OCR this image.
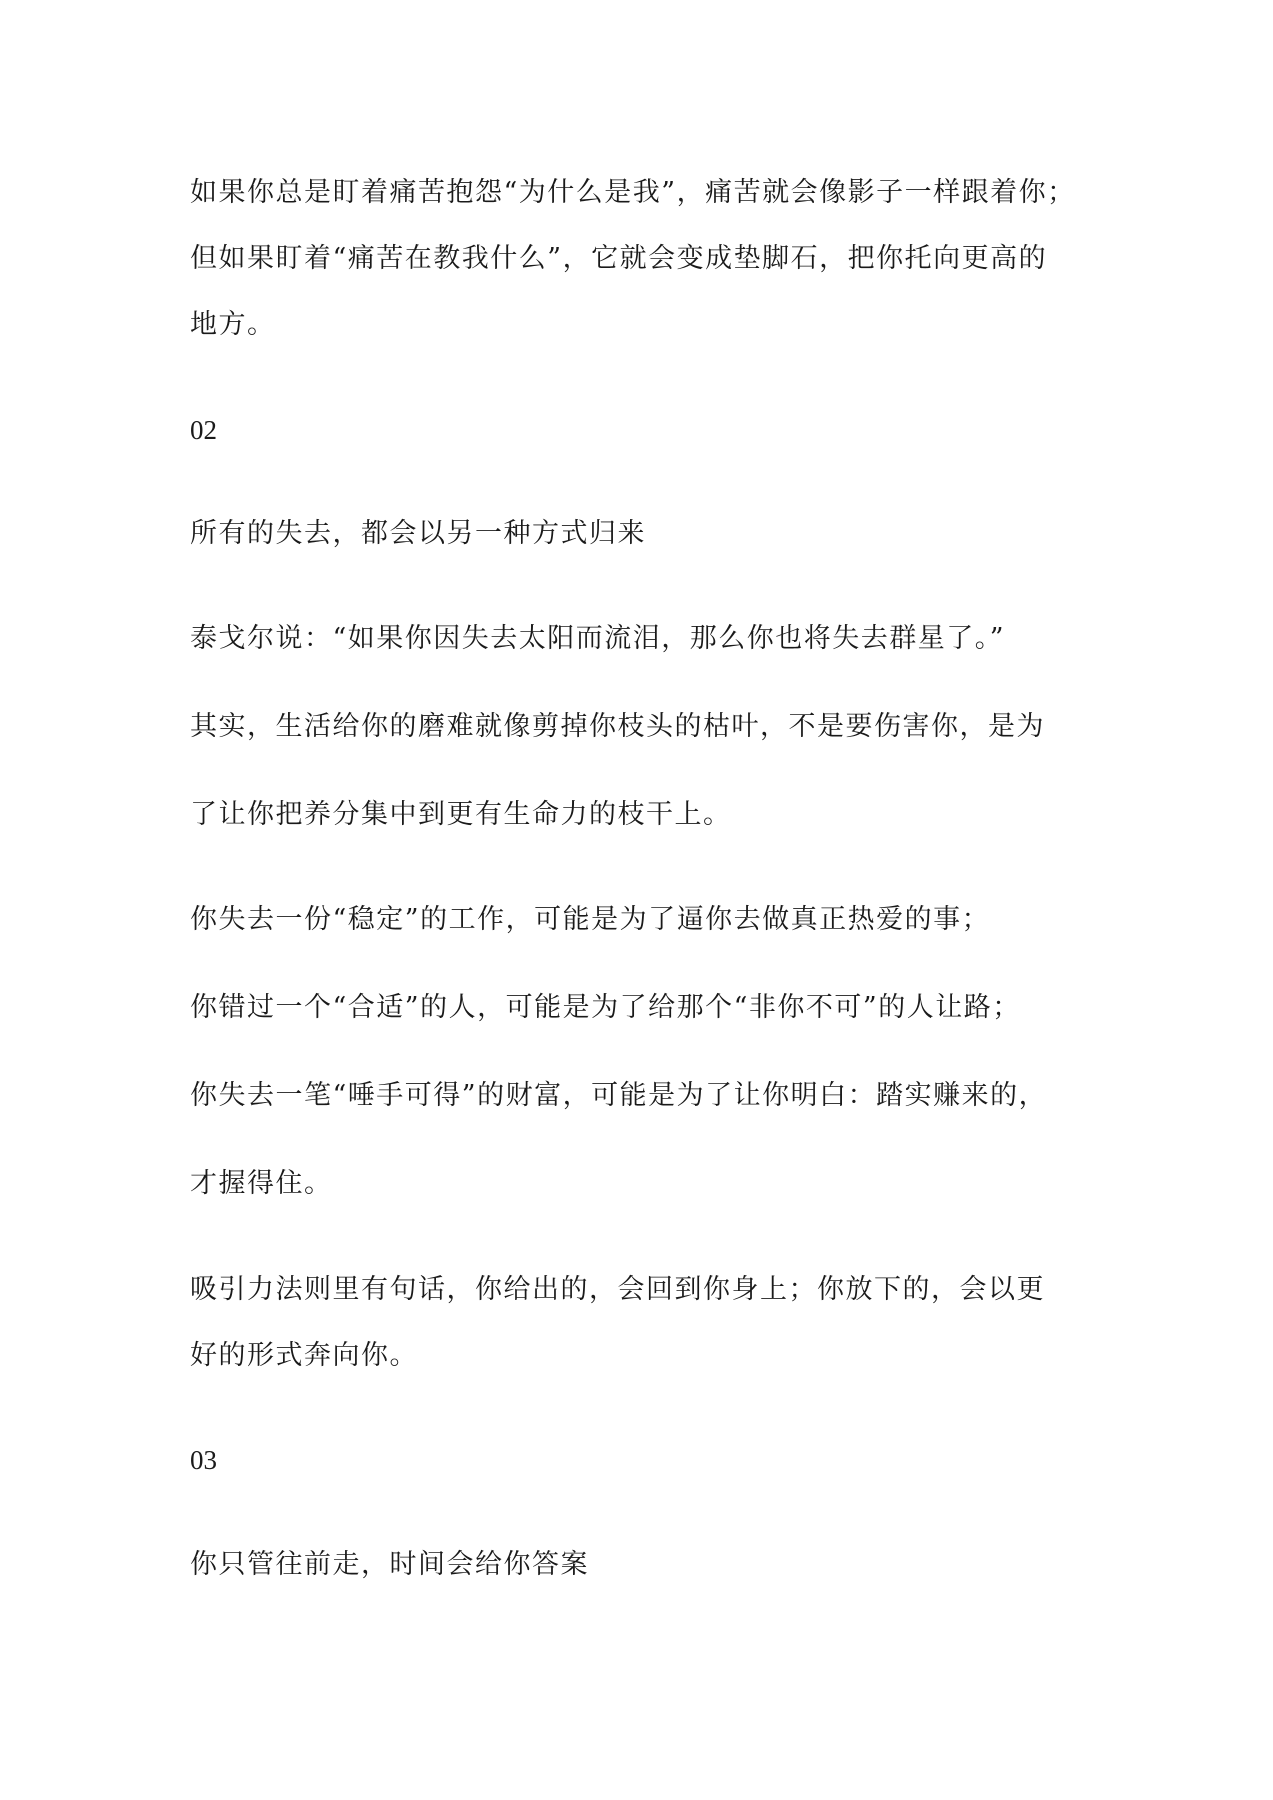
如果你总是盯着痛苦抱怨“为什么是我”，痛苦就会像影子一样跟着你；
但如果盯着“痛苦在教我什么”，它就会变成垫脚石，把你托向更高的
地方。
02
所有的失去，都会以另一种方式归来
泰戈尔说：“如果你因失去太阳而流泪，那么你也将失去群星了。”
其实，生活给你的磨难就像剪掉你枝头的枯叶，不是要伤害你，是为
了让你把养分集中到更有生命力的枝干上。
你失去一份“稳定”的工作，可能是为了逼你去做真正热爱的事；
你错过一个“合适”的人，可能是为了给那个“非你不可”的人让路；
你失去一笔“唾手可得”的财富，可能是为了让你明白：踏实赚来的，
才握得住。
吸引力法则里有句话，你给出的，会回到你身上；你放下的，会以更
好的形式奔向你。
03
你只管往前走，时间会给你答案
